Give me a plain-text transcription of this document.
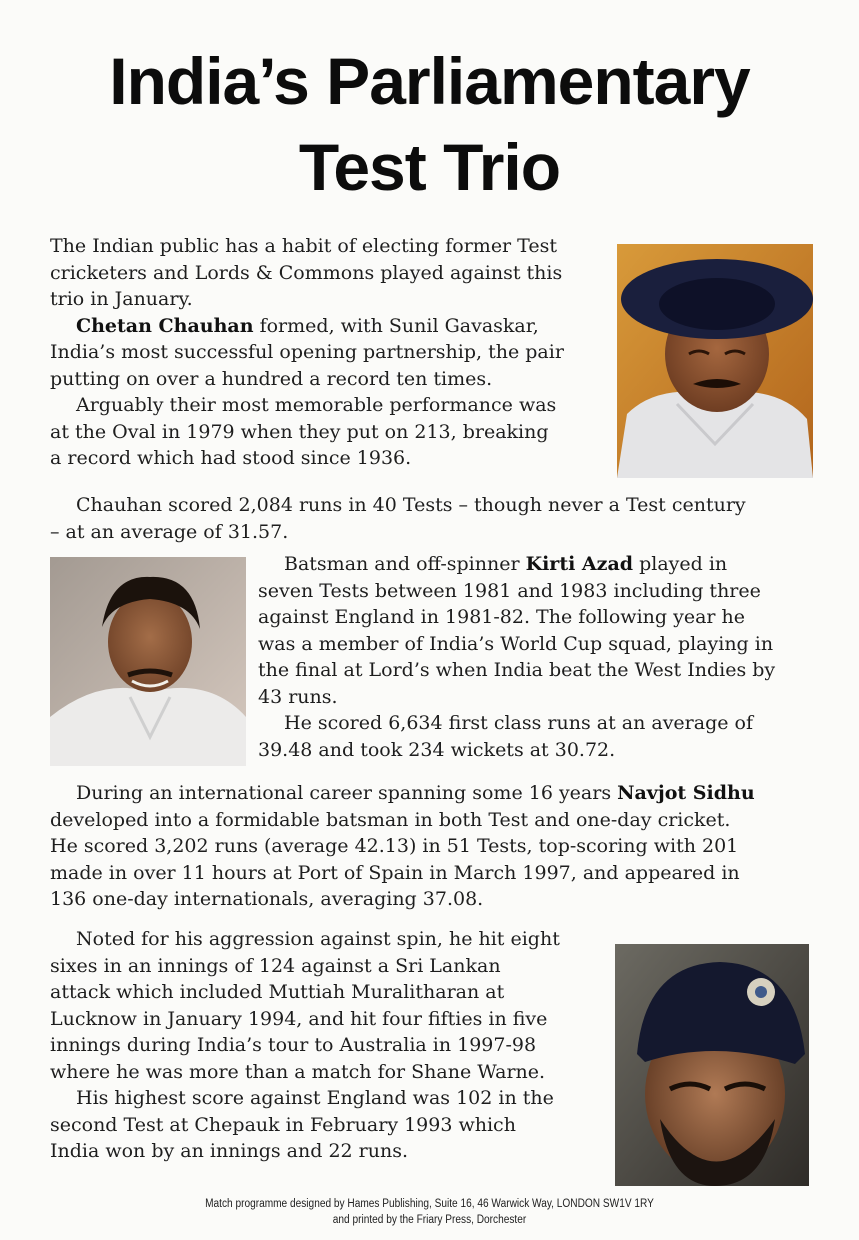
India’s Parliamentary
Test Trio
The Indian public has a habit of electing former Test
cricketers and Lords & Commons played against this
trio in January.
Chetan Chauhan formed, with Sunil Gavaskar,
India’s most successful opening partnership, the pair
putting on over a hundred a record ten times.
Arguably their most memorable performance was
at the Oval in 1979 when they put on 213, breaking
a record which had stood since 1936.
Chauhan scored 2,084 runs in 40 Tests – though never a Test century
– at an average of 31.57.
Batsman and off-spinner Kirti Azad played in
seven Tests between 1981 and 1983 including three
against England in 1981-82. The following year he
was a member of India’s World Cup squad, playing in
the final at Lord’s when India beat the West Indies by
43 runs.
He scored 6,634 first class runs at an average of
39.48 and took 234 wickets at 30.72.
During an international career spanning some 16 years Navjot Sidhu
developed into a formidable batsman in both Test and one-day cricket.
He scored 3,202 runs (average 42.13) in 51 Tests, top-scoring with 201
made in over 11 hours at Port of Spain in March 1997, and appeared in
136 one-day internationals, averaging 37.08.
Noted for his aggression against spin, he hit eight
sixes in an innings of 124 against a Sri Lankan
attack which included Muttiah Muralitharan at
Lucknow in January 1994, and hit four fifties in five
innings during India’s tour to Australia in 1997-98
where he was more than a match for Shane Warne.
His highest score against England was 102 in the
second Test at Chepauk in February 1993 which
India won by an innings and 22 runs.
Match programme designed by Hames Publishing, Suite 16, 46 Warwick Way, LONDON SW1V 1RY
and printed by the Friary Press, Dorchester
